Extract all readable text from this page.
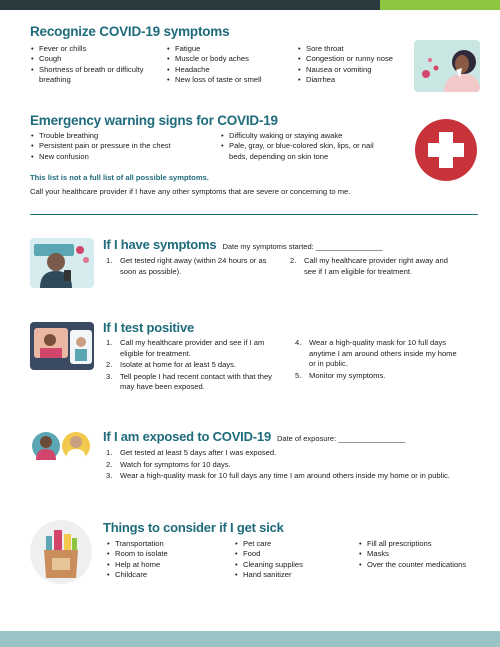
Recognize COVID-19 symptoms
• Fever or chills
• Cough
• Shortness of breath or difficulty breathing
• Fatigue
• Muscle or body aches
• Headache
• New loss of taste or smell
• Sore throat
• Congestion or runny nose
• Nausea or vomiting
• Diarrhea
Emergency warning signs for COVID-19
• Trouble breathing
• Persistent pain or pressure in the chest
• New confusion
• Difficulty waking or staying awake
• Pale, gray, or blue-colored skin, lips, or nail beds, depending on skin tone
This list is not a full list of all possible symptoms.
Call your healthcare provider if I have any other symptoms that are severe or concerning to me.
If I have symptoms Date my symptoms started: ________________
1. Get tested right away (within 24 hours or as soon as possible).
2. Call my healthcare provider right away and see if I am eligible for treatment.
If I test positive
1. Call my healthcare provider and see if I am eligible for treatment.
2. Isolate at home for at least 5 days.
3. Tell people I had recent contact with that they may have been exposed.
4. Wear a high-quality mask for 10 full days anytime I am around others inside my home or in public.
5. Monitor my symptoms.
If I am exposed to COVID-19 Date of exposure: ________________
1. Get tested at least 5 days after I was exposed.
2. Watch for symptoms for 10 days.
3. Wear a high-quality mask for 10 full days any time I am around others inside my home or in public.
Things to consider if I get sick
• Transportation
• Room to isolate
• Help at home
• Childcare
• Pet care
• Food
• Cleaning supplies
• Hand sanitizer
• Fill all prescriptions
• Masks
• Over the counter medications
